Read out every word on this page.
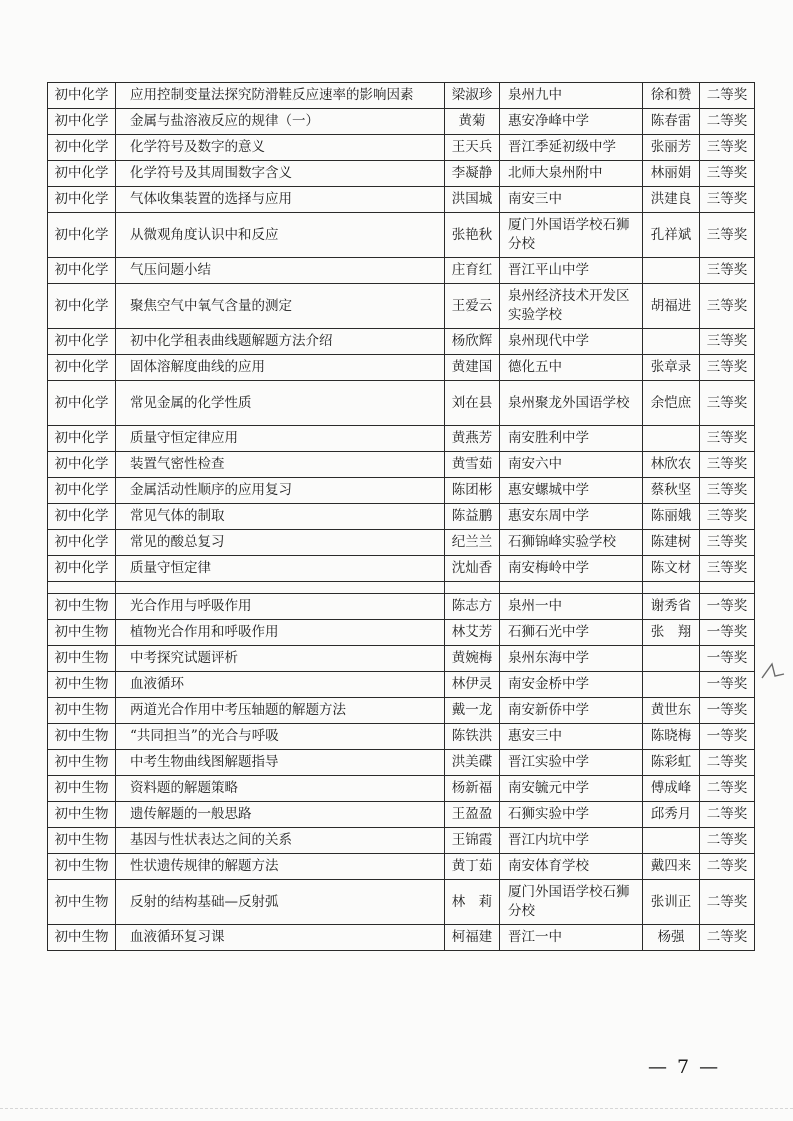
初中化学	应用控制变量法探究防滑鞋反应速率的影响因素	梁淑珍	泉州九中	徐和赞	二等奖
初中化学	金属与盐溶液反应的规律（一）	黄菊	惠安净峰中学	陈春雷	二等奖
初中化学	化学符号及数字的意义	王天兵	晋江季延初级中学	张丽芳	三等奖
初中化学	化学符号及其周围数字含义	李凝静	北师大泉州附中	林丽娟	三等奖
初中化学	气体收集装置的选择与应用	洪国城	南安三中	洪建良	三等奖
初中化学	从微观角度认识中和反应	张艳秋	厦门外国语学校石狮分校	孔祥斌	三等奖
初中化学	气压问题小结	庄育红	晋江平山中学		三等奖
初中化学	聚焦空气中氧气含量的测定	王爱云	泉州经济技术开发区实验学校	胡福进	三等奖
初中化学	初中化学租表曲线题解题方法介绍	杨欣辉	泉州现代中学		三等奖
初中化学	固体溶解度曲线的应用	黄建国	德化五中	张章录	三等奖
初中化学	常见金属的化学性质	刘在县	泉州聚龙外国语学校	余恺庶	三等奖
初中化学	质量守恒定律应用	黄燕芳	南安胜利中学		三等奖
初中化学	装置气密性检查	黄雪茹	南安六中	林欣农	三等奖
初中化学	金属活动性顺序的应用复习	陈团彬	惠安螺城中学	蔡秋坚	三等奖
初中化学	常见气体的制取	陈益鹏	惠安东周中学	陈丽娥	三等奖
初中化学	常见的酸总复习	纪兰兰	石狮锦峰实验学校	陈建树	三等奖
初中化学	质量守恒定律	沈灿香	南安梅岭中学	陈文材	三等奖

初中生物	光合作用与呼吸作用	陈志方	泉州一中	谢秀省	一等奖
初中生物	植物光合作用和呼吸作用	林艾芳	石狮石光中学	张　翔	一等奖
初中生物	中考探究试题评析	黄婉梅	泉州东海中学		一等奖
初中生物	血液循环	林伊灵	南安金桥中学		一等奖
初中生物	两道光合作用中考压轴题的解题方法	戴一龙	南安新侨中学	黄世东	一等奖
初中生物	“共同担当”的光合与呼吸	陈铁洪	惠安三中	陈晓梅	一等奖
初中生物	中考生物曲线图解题指导	洪美碟	晋江实验中学	陈彩虹	二等奖
初中生物	资料题的解题策略	杨新福	南安毓元中学	傅成峰	二等奖
初中生物	遗传解题的一般思路	王盈盈	石狮实验中学	邱秀月	二等奖
初中生物	基因与性状表达之间的关系	王锦霞	晋江内坑中学		二等奖
初中生物	性状遗传规律的解题方法	黄丁茹	南安体育学校	戴四来	二等奖
初中生物	反射的结构基础—反射弧	林　莉	厦门外国语学校石狮分校	张训正	二等奖
初中生物	血液循环复习课	柯福建	晋江一中	杨强	二等奖
— 7 —
